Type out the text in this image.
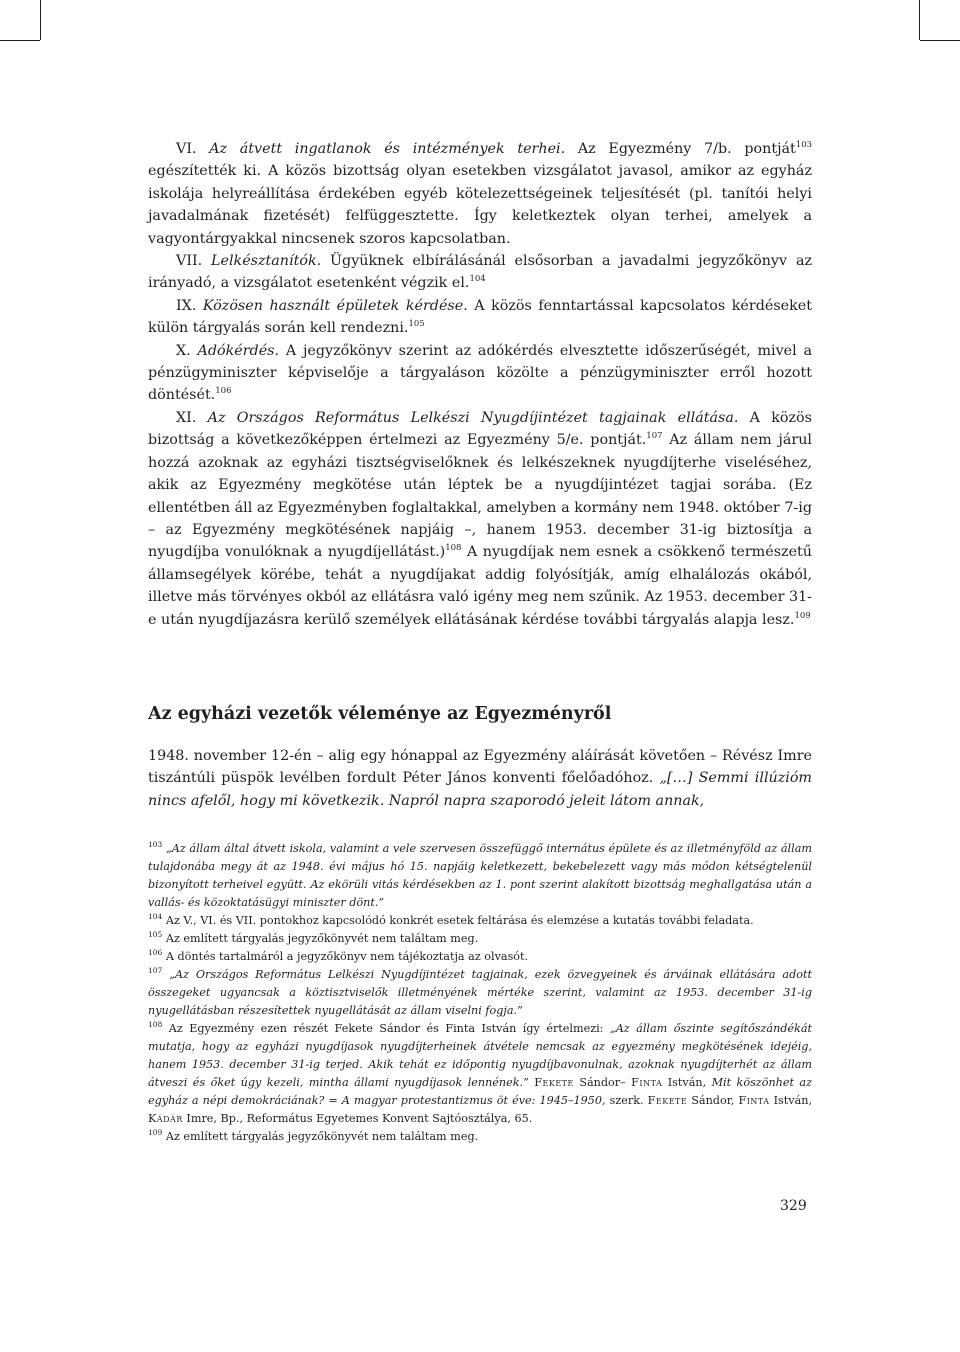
VI. Az átvett ingatlanok és intézmények terhei. Az Egyezmény 7/b. pontját$^{103}$ egészítették ki. A közös bizottság olyan esetekben vizsgálatot javasol, amikor az egyház iskolája helyreállítása érdekében egyéb kötelezettségeinek teljesítését (pl. tanítói helyi javadalmának fizetését) felfüggesztette. Így keletkeztek olyan terhei, amelyek a vagyontárgyakkal nincsenek szoros kapcsolatban.

VII. Lelkésztanítók. Ügyüknek elbírálásánál elsősorban a javadalmi jegyzőkönyv az irányadó, a vizsgálatot esetenként végzik el.$^{104}$

IX. Közösen használt épületek kérdése. A közös fenntartással kapcsolatos kérdéseket külön tárgyalás során kell rendezni.$^{105}$

X. Adókérdés. A jegyzőkönyv szerint az adókérdés elvesztette időszerűségét, mivel a pénzügyminiszter képviselője a tárgyaláson közölte a pénzügyminiszter erről hozott döntését.$^{106}$

XI. Az Országos Református Lelkészi Nyugdíjintézet tagjainak ellátása. A közös bizottság a következőképpen értelmezi az Egyezmény 5/e. pontját.$^{107}$ Az állam nem járul hozzá azoknak az egyházi tisztségviselőknek és lelkészeknek nyugdíjterhe viseléséhez, akik az Egyezmény megkötése után léptek be a nyugdíjintézet tagjai sorába. (Ez ellentétben áll az Egyezményben foglaltakkal, amelyben a kormány nem 1948. október 7-ig – az Egyezmény megkötésének napjáig –, hanem 1953. december 31-ig biztosítja a nyugdíjba vonulóknak a nyugdíjellátást.)$^{108}$ A nyugdíjak nem esnek a csökkenő természetű államsegélyek körébe, tehát a nyugdíjakat addig folyósítják, amíg elhalálozás okából, illetve más törvényes okból az ellátásra való igény meg nem szűnik. Az 1953. december 31-e után nyugdíjazásra kerülő személyek ellátásának kérdése további tárgyalás alapja lesz.$^{109}$

Az egyházi vezetők véleménye az Egyezményről

1948. november 12-én – alig egy hónappal az Egyezmény aláírását követően – Révész Imre tiszántúli püspök levélben fordult Péter János konventi főelőadóhoz. „[…] Semmi illúzióm nincs afelől, hogy mi következik. Napról napra szaporodó jeleit látom annak,

$^{103}$ „Az állam által átvett iskola, valamint a vele szervesen összefüggő internátus épülete és az illetményföld az állam tulajdonába megy át az 1948. évi május hó 15. napjáig keletkezett, bekebelezett vagy más módon kétségtelenül bizonyított terheivel együtt. Az ekörüli vitás kérdésekben az 1. pont szerint alakított bizottság meghallgatása után a vallás- és közoktatásügyi miniszter dönt.”

$^{104}$ Az V., VI. és VII. pontokhoz kapcsolódó konkrét esetek feltárása és elemzése a kutatás további feladata.

$^{105}$ Az említett tárgyalás jegyzőkönyvét nem találtam meg.

$^{106}$ A döntés tartalmáról a jegyzőkönyv nem tájékoztatja az olvasót.

$^{107}$ „Az Országos Református Lelkészi Nyugdíjintézet tagjainak, ezek özvegyeinek és árváinak ellátására adott összegeket ugyancsak a köztisztviselők illetményének mértéke szerint, valamint az 1953. december 31-ig nyugellátásban részesítettek nyugellátását az állam viselni fogja.”

$^{108}$ Az Egyezmény ezen részét Fekete Sándor és Finta István így értelmezi: „Az állam őszinte segítőszándékát mutatja, hogy az egyházi nyugdíjasok nyugdíjterheinek átvétele nemcsak az egyezmény megkötésének idejéig, hanem 1953. december 31-ig terjed. Akik tehát ez időpontig nyugdíjbavonulnak, azoknak nyugdíjterhét az állam átveszi és őket úgy kezeli, mintha állami nyugdíjasok lennének.” Fekete Sándor– Finta István, Mit köszönhet az egyház a népi demokráciának? = A magyar protestantizmus öt éve: 1945–1950, szerk. Fekete Sándor, Finta István, Kádár Imre, Bp., Református Egyetemes Konvent Sajtóosztálya, 65.

$^{109}$ Az említett tárgyalás jegyzőkönyvét nem találtam meg.

329
